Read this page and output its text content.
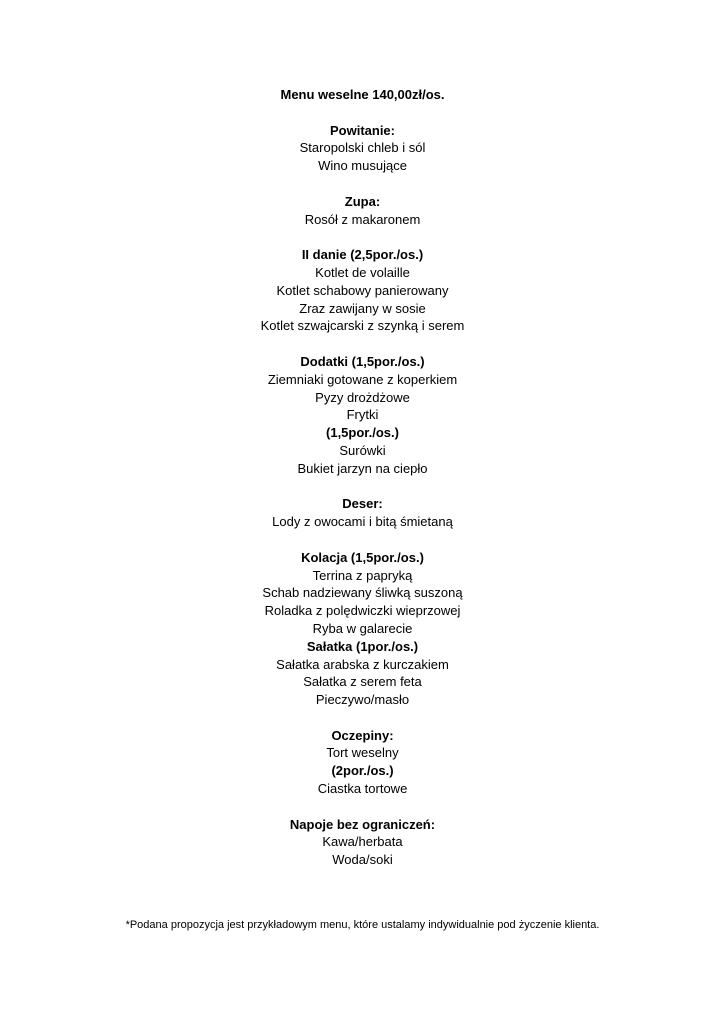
Menu weselne 140,00zł/os.
Powitanie:
Staropolski chleb i sól
Wino musujące
Zupa:
Rosół z makaronem
II danie (2,5por./os.)
Kotlet de volaille
Kotlet schabowy panierowany
Zraz zawijany w sosie
Kotlet szwajcarski z szynką i serem
Dodatki (1,5por./os.)
Ziemniaki gotowane z koperkiem
Pyzy drożdżowe
Frytki
(1,5por./os.)
Surówki
Bukiet jarzyn na ciepło
Deser:
Lody z owocami i bitą śmietaną
Kolacja (1,5por./os.)
Terrina z papryką
Schab nadziewany śliwką suszoną
Roladka z polędwiczki wieprzowej
Ryba w galarecie
Sałatka (1por./os.)
Sałatka arabska z kurczakiem
Sałatka z serem feta
Pieczywo/masło
Oczepiny:
Tort weselny
(2por./os.)
Ciastka tortowe
Napoje bez ograniczeń:
Kawa/herbata
Woda/soki
*Podana propozycja jest przykładowym menu, które ustalamy indywidualnie pod życzenie klienta.
